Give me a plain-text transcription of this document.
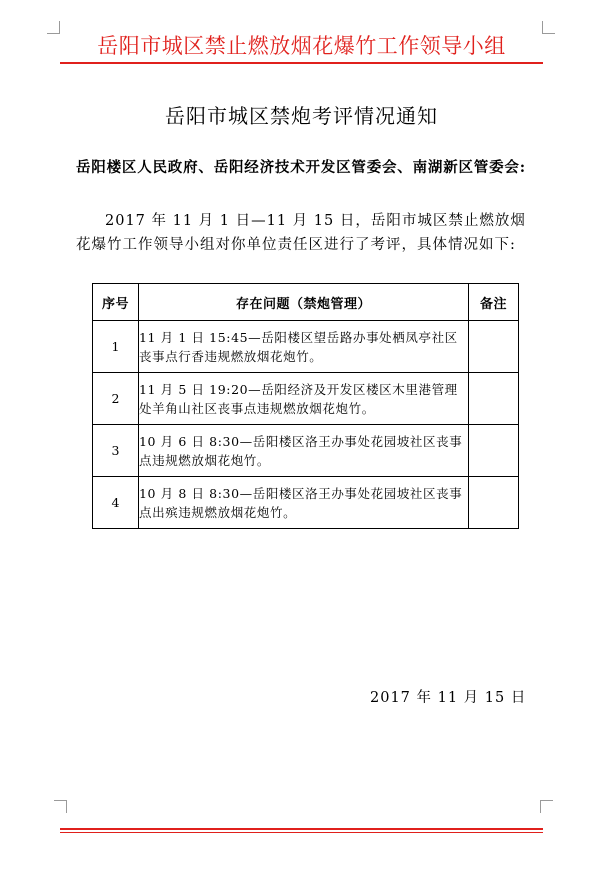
岳阳市城区禁止燃放烟花爆竹工作领导小组
岳阳市城区禁炮考评情况通知
岳阳楼区人民政府、岳阳经济技术开发区管委会、南湖新区管委会:
2017 年 11 月 1 日—11 月 15 日，岳阳市城区禁止燃放烟花爆竹工作领导小组对你单位责任区进行了考评，具体情况如下:
序号	存在问题（禁炮管理）	备注
1	11 月 1 日 15:45—岳阳楼区望岳路办事处栖凤亭社区丧事点行香违规燃放烟花炮竹。	
2	11 月 5 日 19:20—岳阳经济及开发区楼区木里港管理处羊角山社区丧事点违规燃放烟花炮竹。	
3	10 月 6 日 8:30—岳阳楼区洛王办事处花园坡社区丧事点违规燃放烟花炮竹。	
4	10 月 8 日 8:30—岳阳楼区洛王办事处花园坡社区丧事点出殡违规燃放烟花炮竹。	
2017 年 11 月 15 日
